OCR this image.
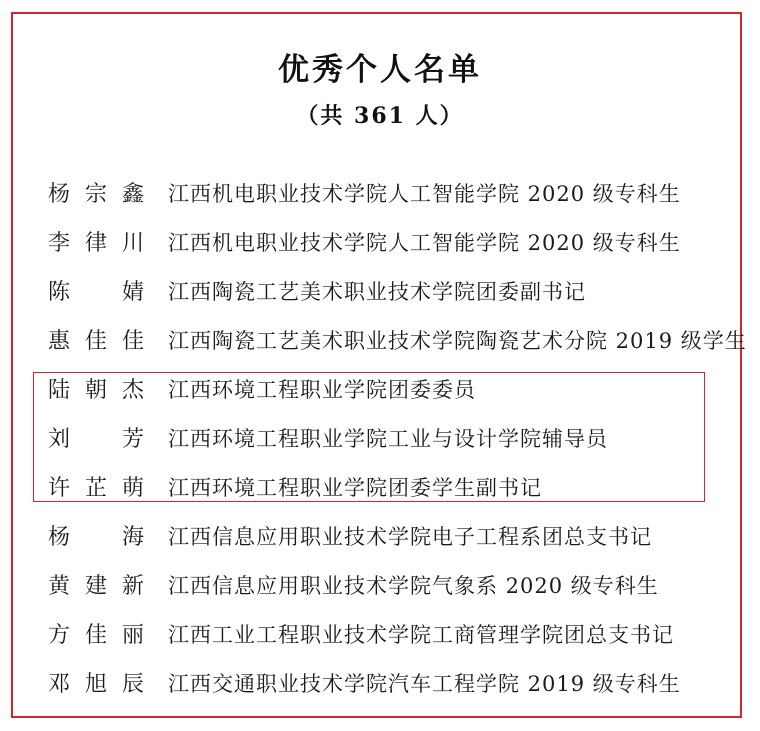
优秀个人名单
（共 361 人）
杨宗鑫 江西机电职业技术学院人工智能学院 2020 级专科生
李律川 江西机电职业技术学院人工智能学院 2020 级专科生
陈婧 江西陶瓷工艺美术职业技术学院团委副书记
惠佳佳 江西陶瓷工艺美术职业技术学院陶瓷艺术分院 2019 级学生
陆朝杰 江西环境工程职业学院团委委员
刘芳 江西环境工程职业学院工业与设计学院辅导员
许芷萌 江西环境工程职业学院团委学生副书记
杨海 江西信息应用职业技术学院电子工程系团总支书记
黄建新 江西信息应用职业技术学院气象系 2020 级专科生
方佳丽 江西工业工程职业技术学院工商管理学院团总支书记
邓旭辰 江西交通职业技术学院汽车工程学院 2019 级专科生
